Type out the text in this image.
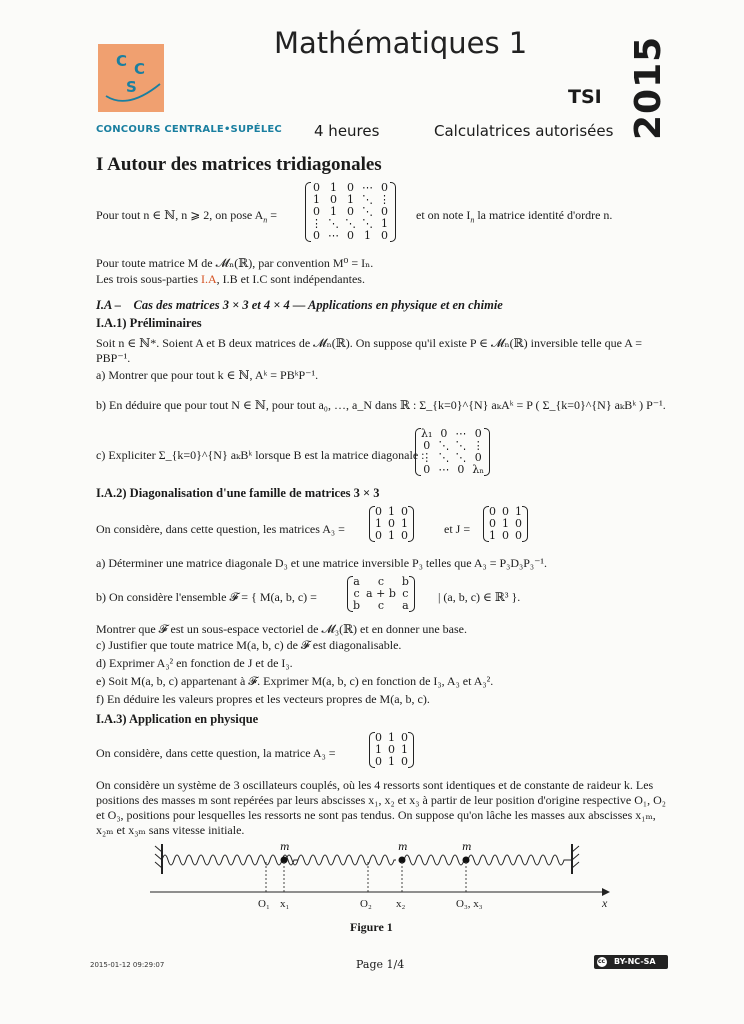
C C
S
CONCOURS CENTRALE•SUPÉLEC
Mathématiques 1
TSI 2015
4 heures	Calculatrices autorisées
I Autour des matrices tridiagonales
Pour tout n ∈ ℕ, n ⩾ 2, on pose $A_n$ =
0	1	0	⋯	0
1	0	1	⋱	⋮
0	1	0	⋱	0
⋮	⋱	⋱	⋱	1
0	⋯	0	1	0
et on note $I_n$ la matrice identité d'ordre n.
Pour toute matrice M de 𝓜ₙ(ℝ), par convention M⁰ = Iₙ.
Les trois sous-parties I.A, I.B et I.C sont indépendantes.
I.A – Cas des matrices 3 × 3 et 4 × 4 — Applications en physique et en chimie
I.A.1) Préliminaires
Soit n ∈ ℕ*. Soient A et B deux matrices de 𝓜ₙ(ℝ). On suppose qu'il existe P ∈ 𝓜ₙ(ℝ) inversible telle que A = PBP⁻¹.
a) Montrer que pour tout k ∈ ℕ, Aᵏ = PBᵏP⁻¹.
b) En déduire que pour tout N ∈ ℕ, pour tout a₀, …, a_N dans ℝ : Σ_{k=0}^{N} aₖAᵏ = P ( Σ_{k=0}^{N} aₖBᵏ ) P⁻¹.
c) Expliciter Σ_{k=0}^{N} aₖBᵏ lorsque B est la matrice diagonale :
λ₁	0	⋯	0
0	⋱	⋱	⋮
⋮	⋱	⋱	0
0	⋯	0	λₙ
I.A.2) Diagonalisation d'une famille de matrices 3 × 3
On considère, dans cette question, les matrices A₃ =
0	1	0
1	0	1
0	1	0	et J =
0	0	1
0	1	0
1	0	0
a) Déterminer une matrice diagonale D₃ et une matrice inversible P₃ telles que A₃ = P₃D₃P₃⁻¹.
b) On considère l'ensemble 𝓕 = { M(a, b, c) =
a	c	b
c	a + b	c
b	c	a
| (a, b, c) ∈ ℝ³ }.
Montrer que 𝓕 est un sous-espace vectoriel de 𝓜₃(ℝ) et en donner une base.
c) Justifier que toute matrice M(a, b, c) de 𝓕 est diagonalisable.
d) Exprimer A₃² en fonction de J et de I₃.
e) Soit M(a, b, c) appartenant à 𝓕. Exprimer M(a, b, c) en fonction de I₃, A₃ et A₃².
f) En déduire les valeurs propres et les vecteurs propres de M(a, b, c).
I.A.3) Application en physique
On considère, dans cette question, la matrice A₃ =
0	1	0
1	0	1
0	1	0
On considère un système de 3 oscillateurs couplés, où les 4 ressorts sont identiques et de constante de raideur k. Les positions des masses m sont repérées par leurs abscisses x₁, x₂ et x₃ à partir de leur position d'origine respective O₁, O₂ et O₃, positions pour lesquelles les ressorts ne sont pas tendus. On suppose qu'on lâche les masses aux abscisses x₁ₘ, x₂ₘ et x₃ₘ sans vitesse initiale.
m	m	m
O₁ x₁	O₂ x₂	O₃, x₃	x
Figure 1
2015-01-12 09:29:07	Page 1/4	BY-NC-SA cc
